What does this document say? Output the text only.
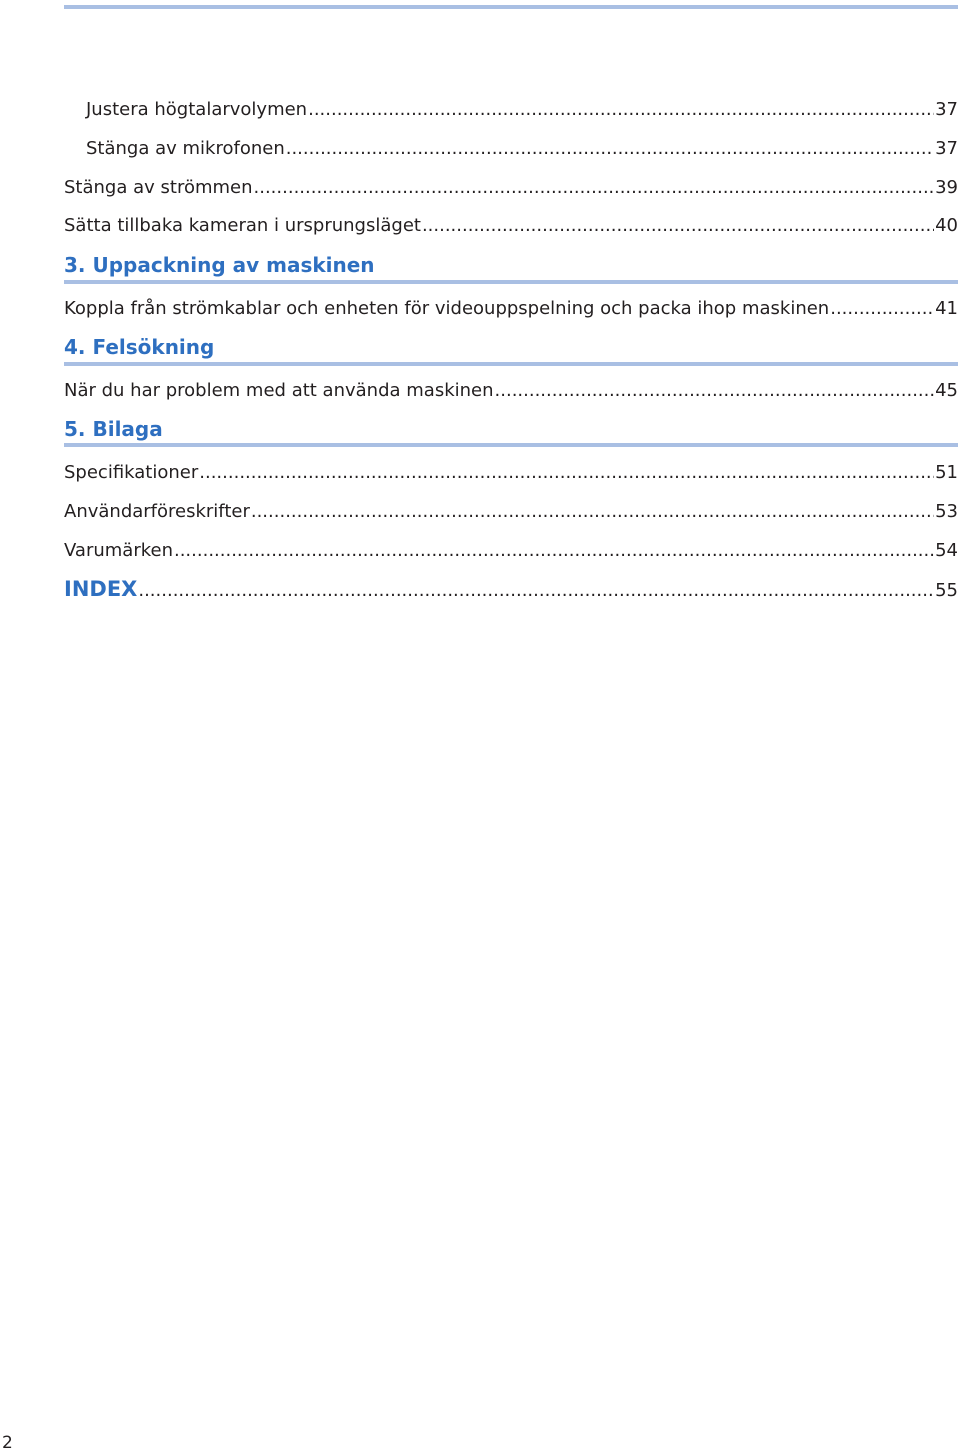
Justera högtalarvolymen .....	37
Stänga av mikrofonen .....	37
Stänga av strömmen .....	39
Sätta tillbaka kameran i ursprungsläget .....	40
3. Uppackning av maskinen
Koppla från strömkablar och enheten för videouppspelning och packa ihop maskinen .....	41
4. Felsökning
När du har problem med att använda maskinen .....	45
5. Bilaga
Specifikationer .....	51
Användarföreskrifter .....	53
Varumärken .....	54
INDEX .....	55
2
